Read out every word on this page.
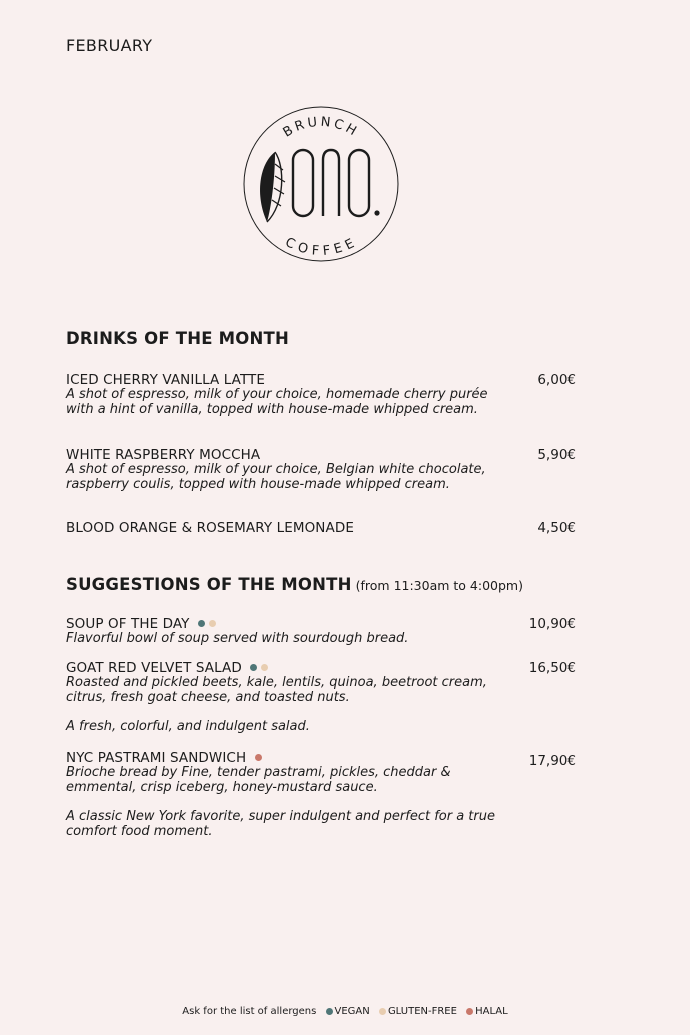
FEBRUARY
BRUNCH
COFFEE
DRINKS OF THE MONTH
6,00€
ICED CHERRY VANILLA LATTE
A shot of espresso, milk of your choice, homemade cherry purée with a hint of vanilla, topped with house-made whipped cream.
5,90€
WHITE RASPBERRY MOCCHA
A shot of espresso, milk of your choice, Belgian white chocolate, raspberry coulis, topped with house-made whipped cream.
4,50€
BLOOD ORANGE & ROSEMARY LEMONADE
SUGGESTIONS OF THE MONTH (from 11:30am to 4:00pm)
10,90€
SOUP OF THE DAY
Flavorful bowl of soup served with sourdough bread.
16,50€
GOAT RED VELVET SALAD
Roasted and pickled beets, kale, lentils, quinoa, beetroot cream, citrus, fresh goat cheese, and toasted nuts.
A fresh, colorful, and indulgent salad.
17,90€
NYC PASTRAMI SANDWICH
Brioche bread by Fine, tender pastrami, pickles, cheddar & emmental, crisp iceberg, honey-mustard sauce.
A classic New York favorite, super indulgent and perfect for a true comfort food moment.
Ask for the list of allergens VEGAN GLUTEN-FREE HALAL
